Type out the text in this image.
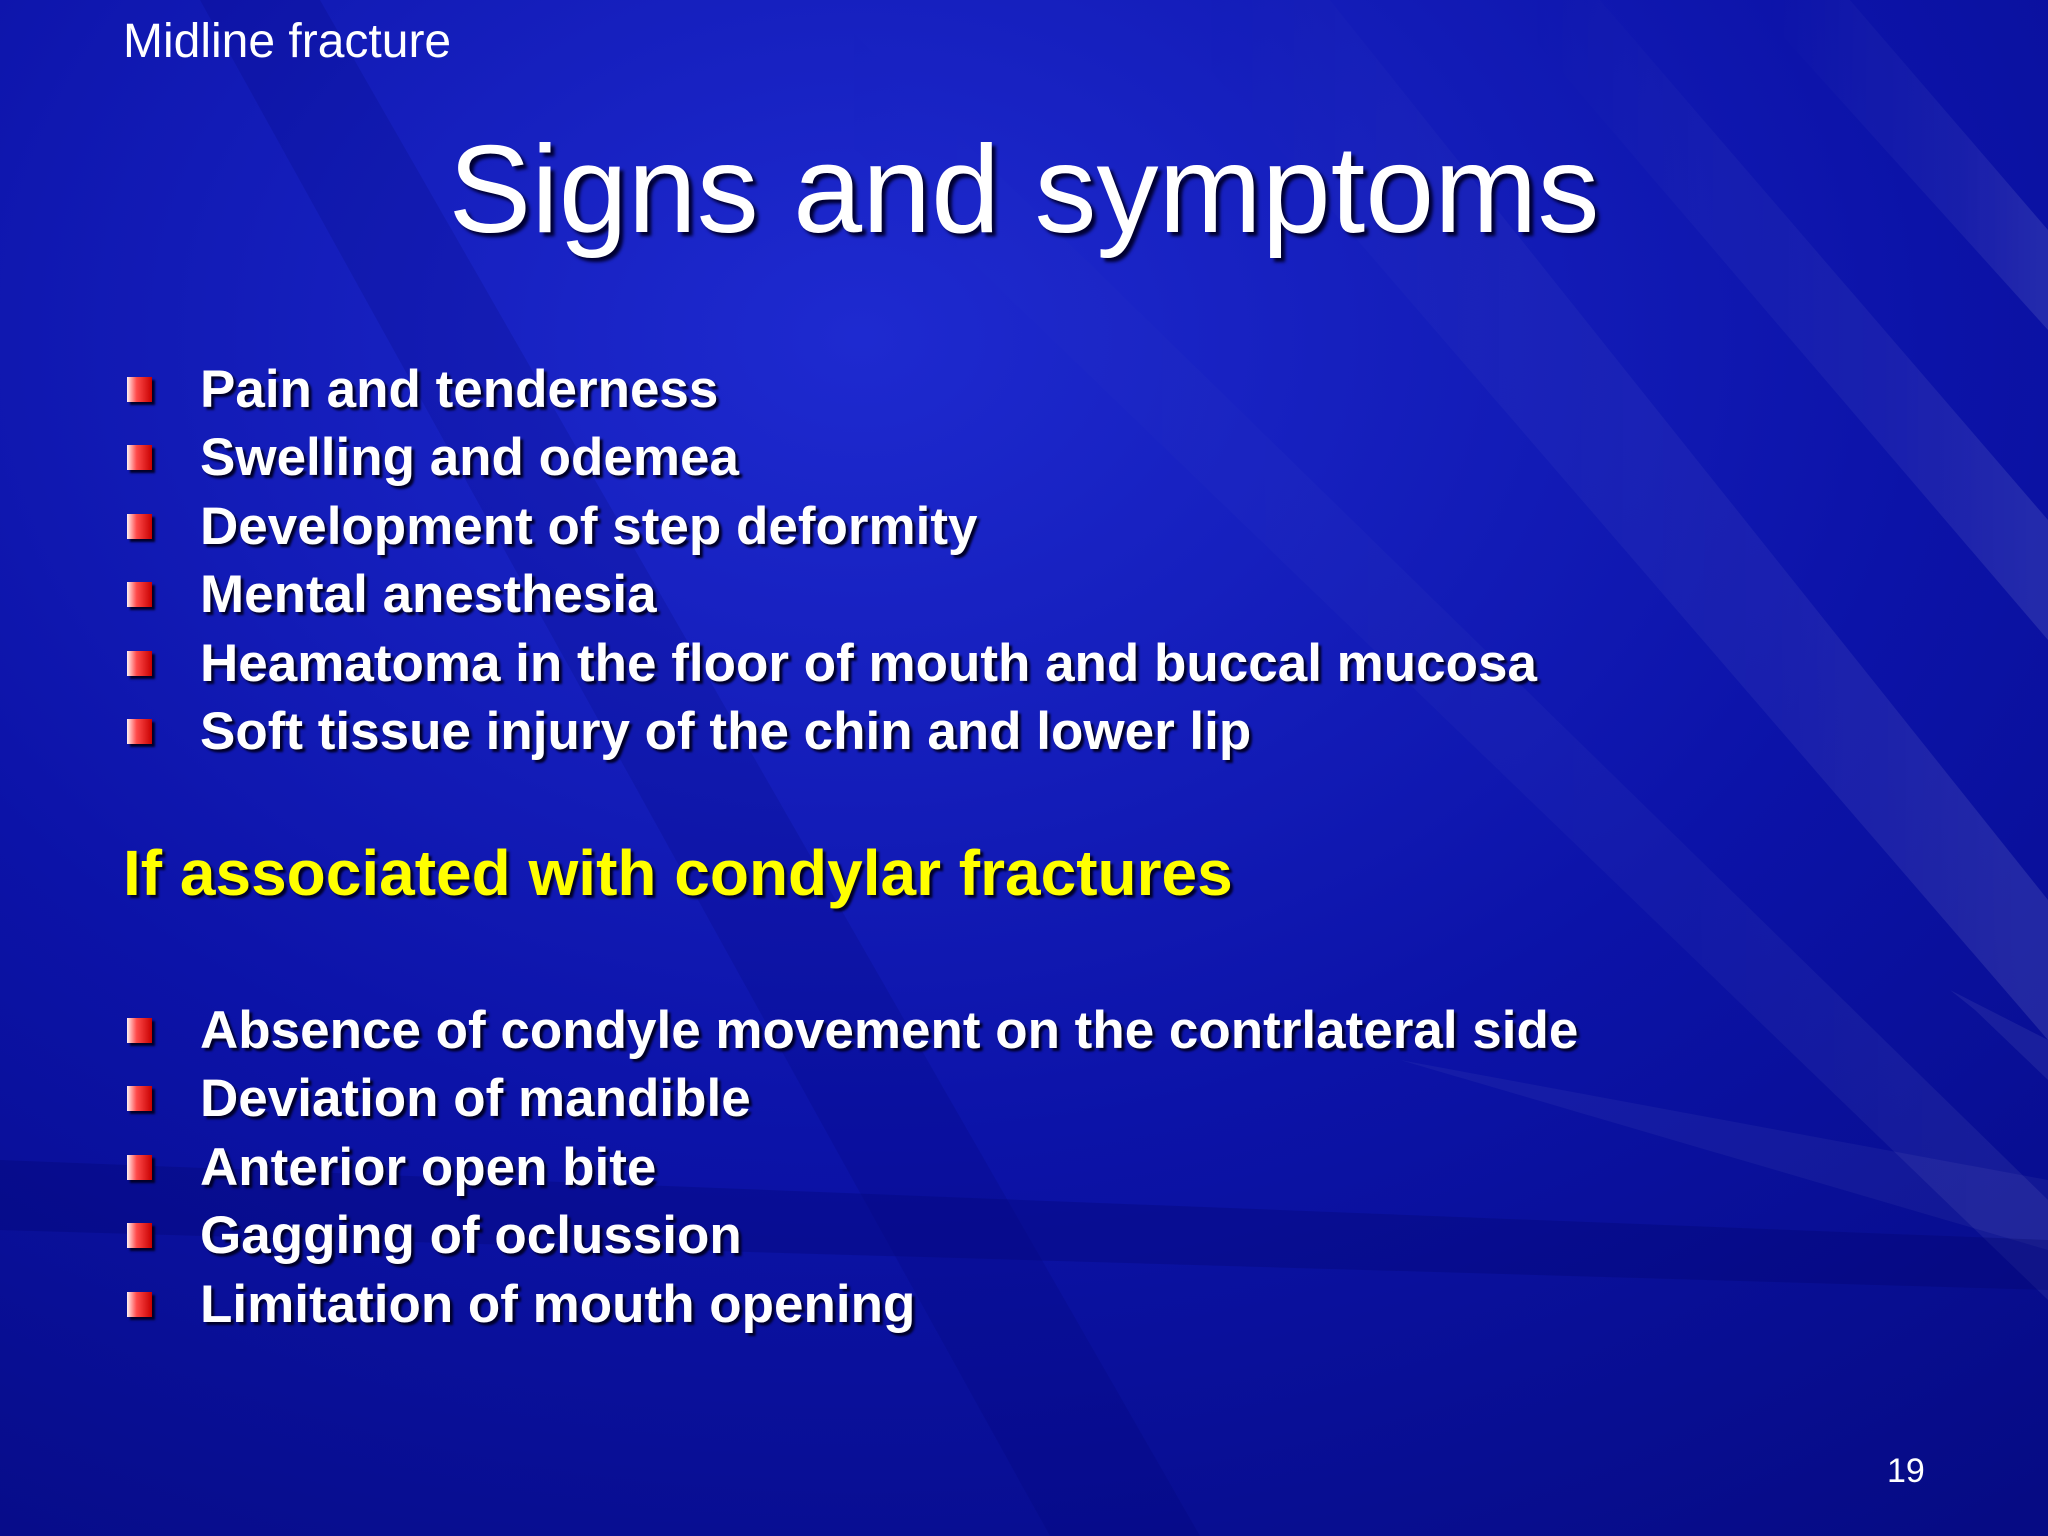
Midline fracture
Signs and symptoms
Pain and tenderness
Swelling and odemea
Development of step deformity
Mental anesthesia
Heamatoma in the floor of mouth and buccal mucosa
Soft tissue injury of the chin and lower lip
If associated with condylar fractures
Absence of condyle movement on the contrlateral side
Deviation of mandible
Anterior open bite
Gagging of oclussion
Limitation of mouth opening
19
